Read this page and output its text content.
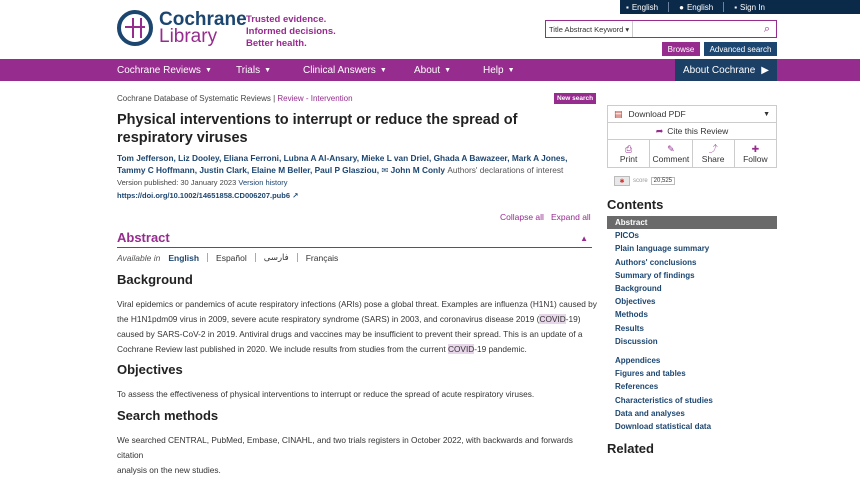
▪ English	● English	▪ Sign In
Cochrane
Library
Trusted evidence.
Informed decisions.
Better health.
Title Abstract Keyword ▾	⌕
Browse	Advanced search
Cochrane Reviews ▼ Trials ▼	Clinical Answers ▼	About ▼	Help ▼	About Cochrane ▶
Cochrane Database of Systematic Reviews | Review - Intervention	New search
Physical interventions to interrupt or reduce the spread of respiratory viruses
Tom Jefferson, Liz Dooley, Eliana Ferroni, Lubna A Al-Ansary, Mieke L van Driel, Ghada A Bawazeer, Mark A Jones, Tammy C Hoffmann, Justin Clark, Elaine M Beller, Paul P Glasziou, ✉ John M Conly Authors' declarations of interest
Version published: 30 January 2023 Version history
https://doi.org/10.1002/14651858.CD006207.pub6 ↗
Collapse all Expand all
Abstract	▲
Available in English Español فارسی Français
Background
Viral epidemics or pandemics of acute respiratory infections (ARIs) pose a global threat. Examples are influenza (H1N1) caused by
the H1N1pdm09 virus in 2009, severe acute respiratory syndrome (SARS) in 2003, and coronavirus disease 2019 (COVID-19)
caused by SARS-CoV-2 in 2019. Antiviral drugs and vaccines may be insufficient to prevent their spread. This is an update of a
Cochrane Review last published in 2020. We include results from studies from the current COVID-19 pandemic.
Objectives
To assess the effectiveness of physical interventions to interrupt or reduce the spread of acute respiratory viruses.
Search methods
We searched CENTRAL, PubMed, Embase, CINAHL, and two trials registers in October 2022, with backwards and forwards citation
analysis on the new studies.
▤ Download PDF	▼
➦ Cite this Review
⎙
Print
✎
Comment
⤴
Share
✚
Follow
✱	score	20,525
Contents
Abstract
PICOs
Plain language summary
Authors' conclusions
Summary of findings
Background
Objectives
Methods
Results
Discussion
Appendices
Figures and tables
References
Characteristics of studies
Data and analyses
Download statistical data
Related
